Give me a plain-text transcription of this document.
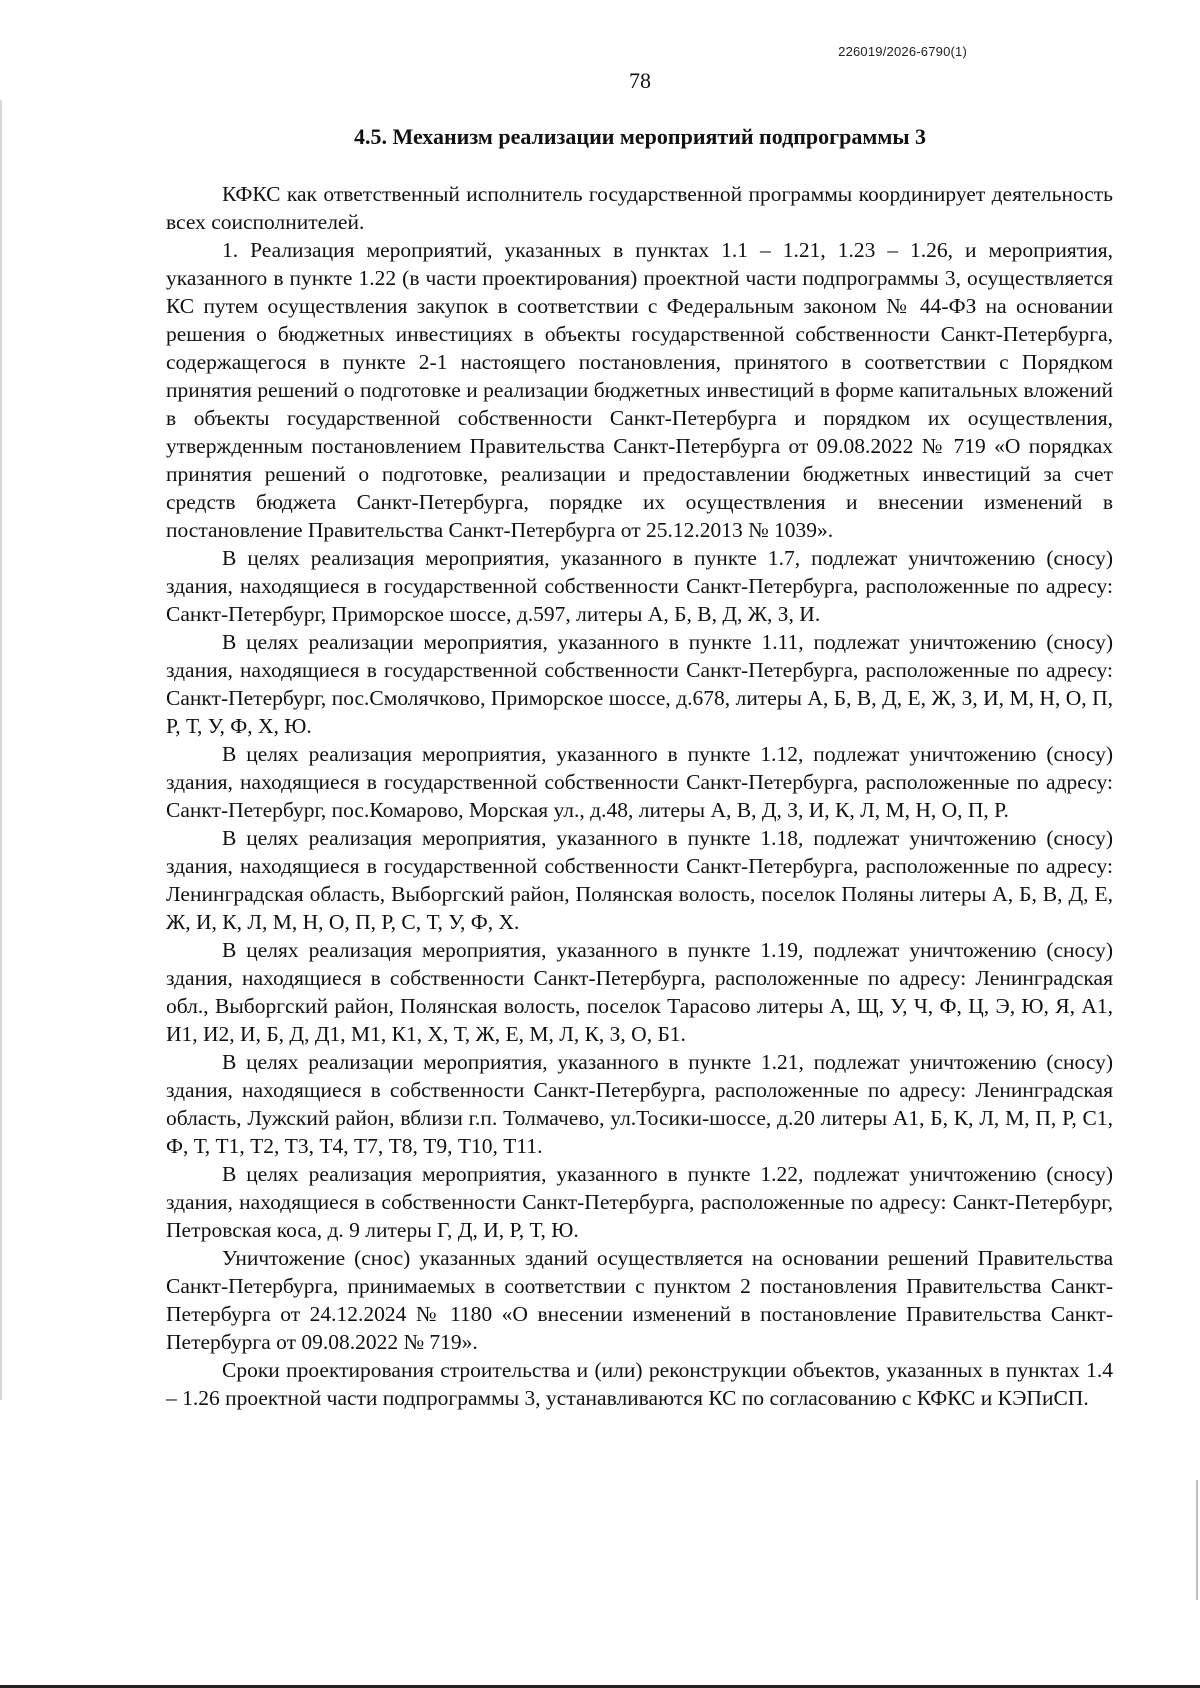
226019/2026-6790(1)
78
4.5. Механизм реализации мероприятий подпрограммы 3

КФКС как ответственный исполнитель государственной программы координирует деятельность всех соисполнителей.

1. Реализация мероприятий, указанных в пунктах 1.1 – 1.21, 1.23 – 1.26, и мероприятия, указанного в пункте 1.22 (в части проектирования) проектной части подпрограммы 3, осуществляется КС путем осуществления закупок в соответствии с Федеральным законом № 44-ФЗ на основании решения о бюджетных инвестициях в объекты государственной собственности Санкт-Петербурга, содержащегося в пункте 2-1 настоящего постановления, принятого в соответствии с Порядком принятия решений о подготовке и реализации бюджетных инвестиций в форме капитальных вложений в объекты государственной собственности Санкт-Петербурга и порядком их осуществления, утвержденным постановлением Правительства Санкт-Петербурга от 09.08.2022 № 719 «О порядках принятия решений о подготовке, реализации и предоставлении бюджетных инвестиций за счет средств бюджета Санкт-Петербурга, порядке их осуществления и внесении изменений в постановление Правительства Санкт-Петербурга от 25.12.2013 № 1039».

В целях реализация мероприятия, указанного в пункте 1.7, подлежат уничтожению (сносу) здания, находящиеся в государственной собственности Санкт-Петербурга, расположенные по адресу: Санкт-Петербург, Приморское шоссе, д.597, литеры А, Б, В, Д, Ж, З, И.

В целях реализации мероприятия, указанного в пункте 1.11, подлежат уничтожению (сносу) здания, находящиеся в государственной собственности Санкт-Петербурга, расположенные по адресу: Санкт-Петербург, пос.Смолячково, Приморское шоссе, д.678, литеры А, Б, В, Д, Е, Ж, З, И, М, Н, О, П, Р, Т, У, Ф, Х, Ю.

В целях реализация мероприятия, указанного в пункте 1.12, подлежат уничтожению (сносу) здания, находящиеся в государственной собственности Санкт-Петербурга, расположенные по адресу: Санкт-Петербург, пос.Комарово, Морская ул., д.48, литеры А, В, Д, З, И, К, Л, М, Н, О, П, Р.

В целях реализация мероприятия, указанного в пункте 1.18, подлежат уничтожению (сносу) здания, находящиеся в государственной собственности Санкт-Петербурга, расположенные по адресу: Ленинградская область, Выборгский район, Полянская волость, поселок Поляны литеры А, Б, В, Д, Е, Ж, И, К, Л, М, Н, О, П, Р, С, Т, У, Ф, Х.

В целях реализация мероприятия, указанного в пункте 1.19, подлежат уничтожению (сносу) здания, находящиеся в собственности Санкт-Петербурга, расположенные по адресу: Ленинградская обл., Выборгский район, Полянская волость, поселок Тарасово литеры А, Щ, У, Ч, Ф, Ц, Э, Ю, Я, А1, И1, И2, И, Б, Д, Д1, М1, К1, Х, Т, Ж, Е, М, Л, К, З, О, Б1.

В целях реализации мероприятия, указанного в пункте 1.21, подлежат уничтожению (сносу) здания, находящиеся в собственности Санкт-Петербурга, расположенные по адресу: Ленинградская область, Лужский район, вблизи г.п. Толмачево, ул.Тосики-шоссе, д.20 литеры А1, Б, К, Л, М, П, Р, С1, Ф, Т, Т1, Т2, Т3, Т4, Т7, Т8, Т9, Т10, Т11.

В целях реализация мероприятия, указанного в пункте 1.22, подлежат уничтожению (сносу) здания, находящиеся в собственности Санкт-Петербурга, расположенные по адресу: Санкт-Петербург, Петровская коса, д. 9 литеры Г, Д, И, Р, Т, Ю.

Уничтожение (снос) указанных зданий осуществляется на основании решений Правительства Санкт-Петербурга, принимаемых в соответствии с пунктом 2 постановления Правительства Санкт-Петербурга от 24.12.2024 № 1180 «О внесении изменений в постановление Правительства Санкт-Петербурга от 09.08.2022 № 719».

Сроки проектирования строительства и (или) реконструкции объектов, указанных в пунктах 1.4 – 1.26 проектной части подпрограммы 3, устанавливаются КС по согласованию с КФКС и КЭПиСП.
